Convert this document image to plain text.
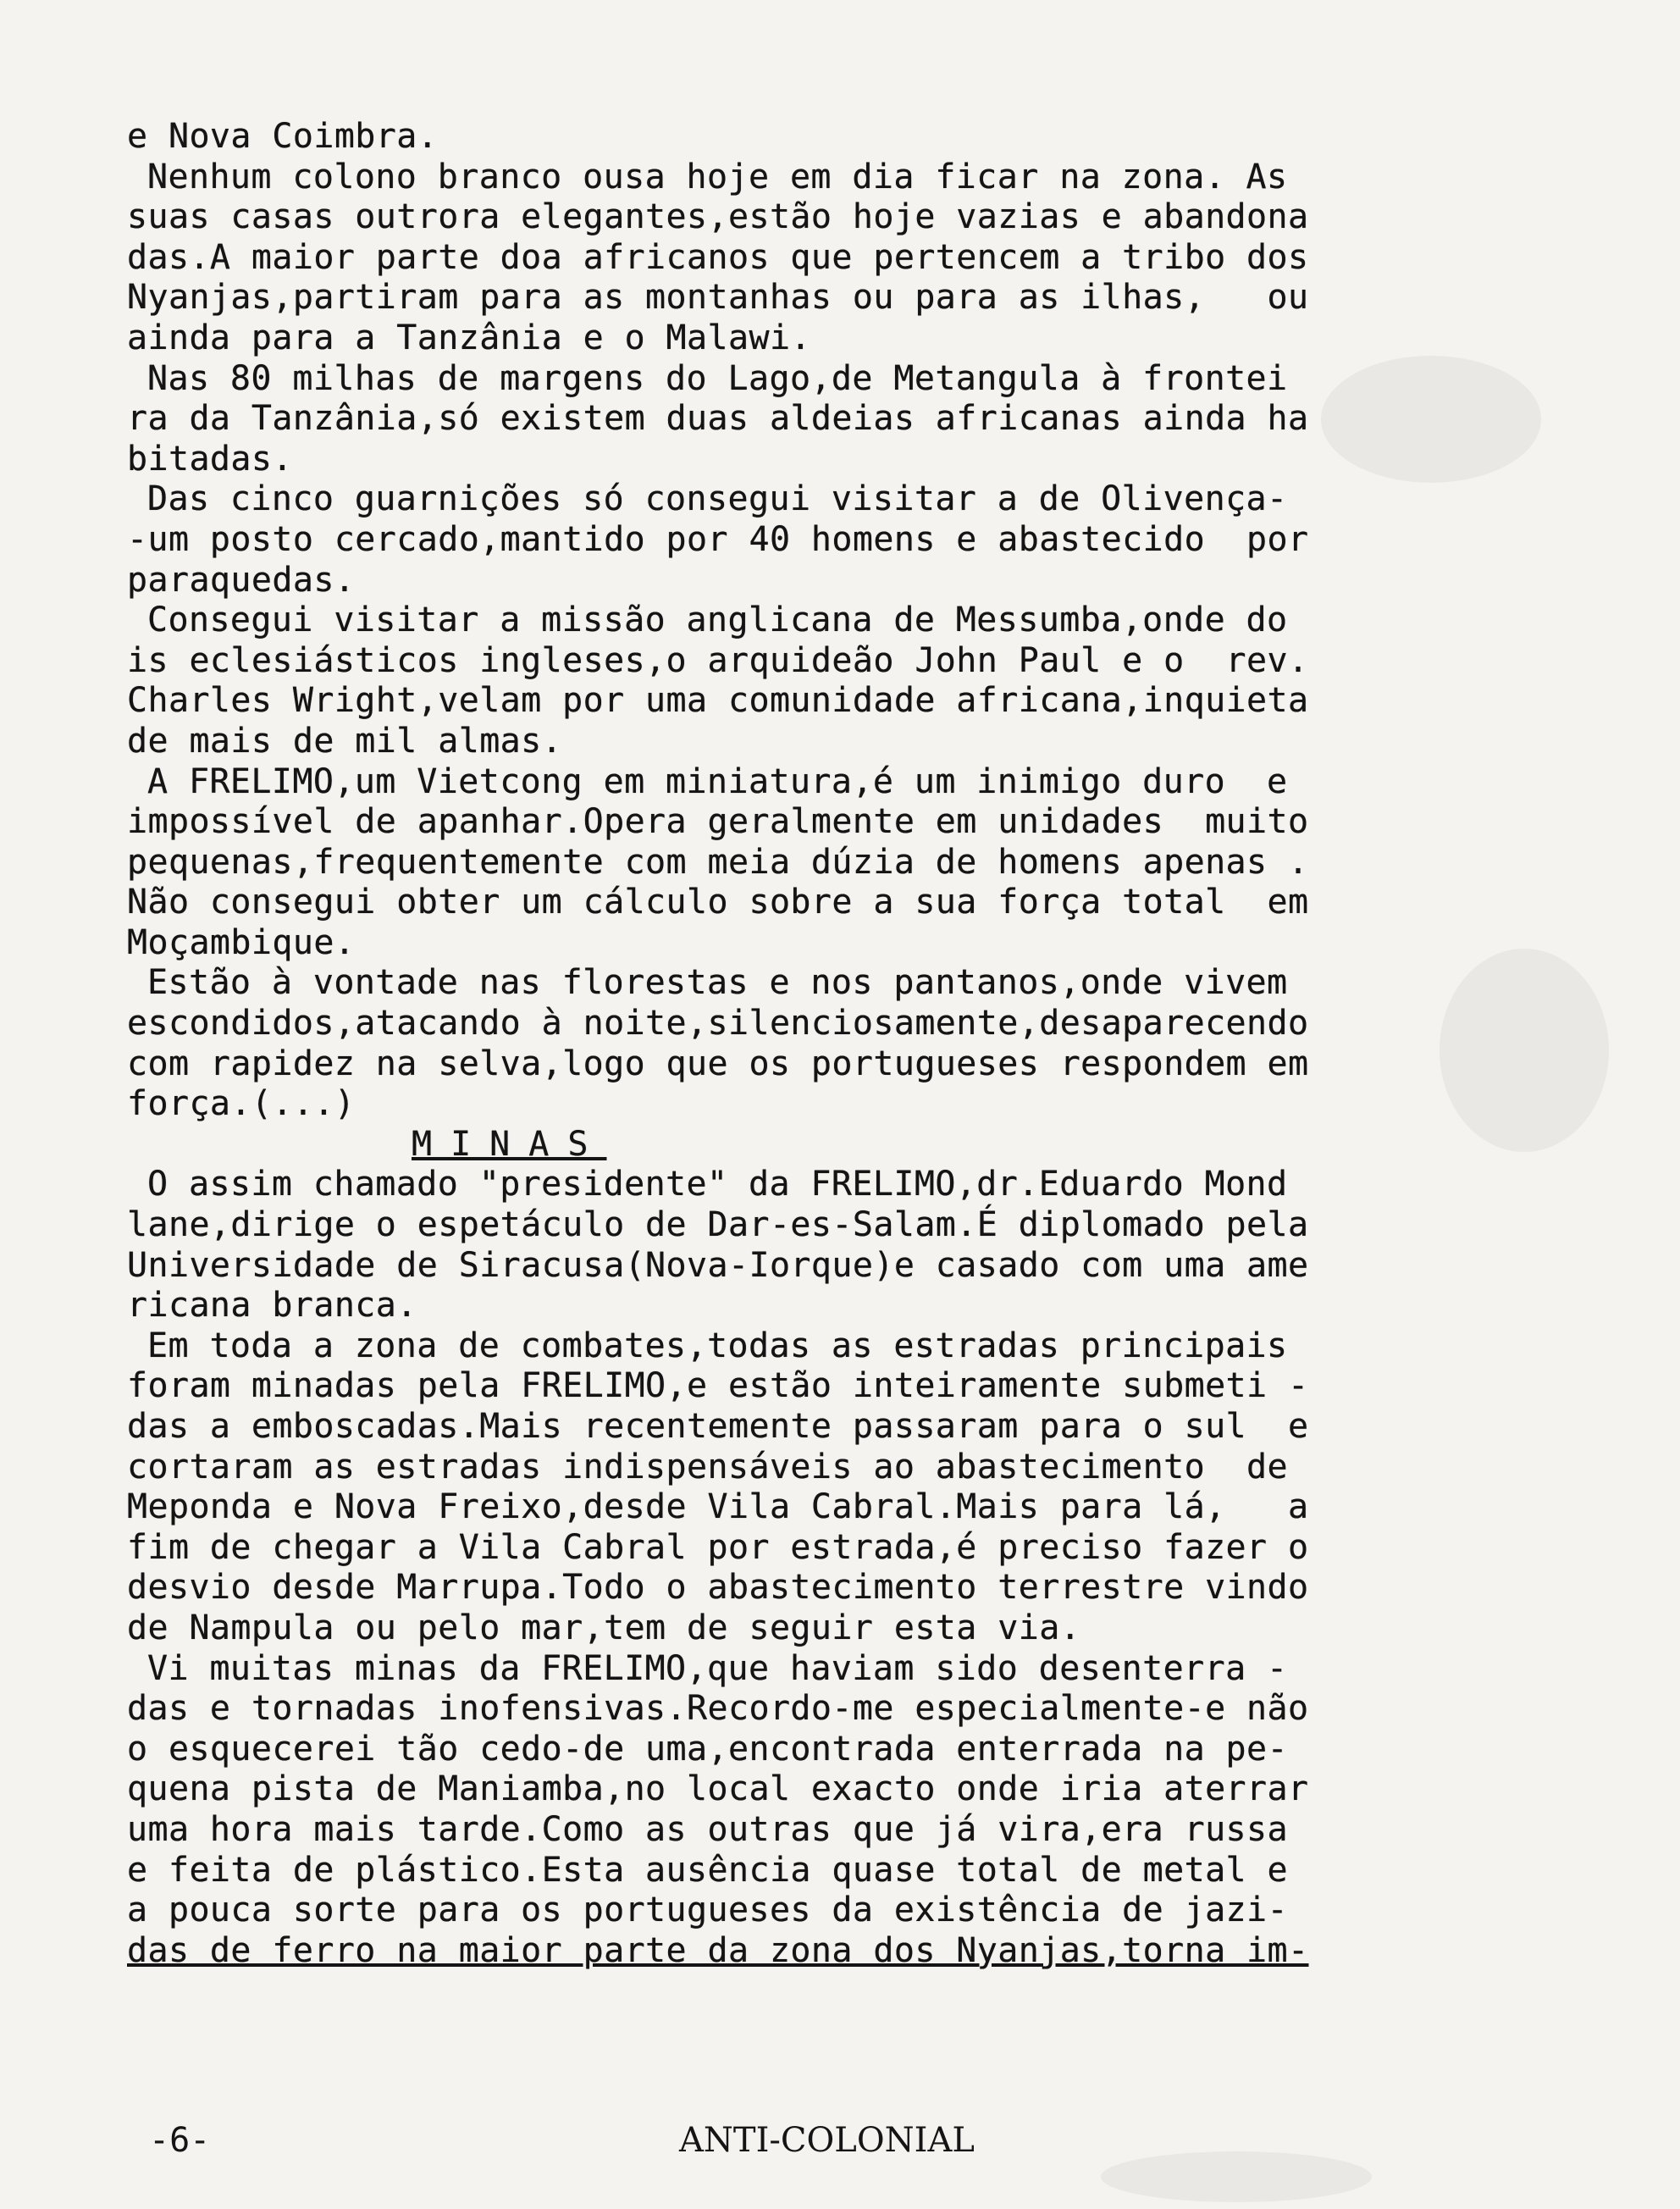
e Nova Coimbra.
Nenhum colono branco ousa hoje em dia ficar na zona. As
suas casas outrora elegantes,estão hoje vazias e abandona
das.A maior parte doa africanos que pertencem a tribo dos
Nyanjas,partiram para as montanhas ou para as ilhas,   ou
ainda para a Tanzânia e o Malawi.
Nas 80 milhas de margens do Lago,de Metangula à frontei
ra da Tanzânia,só existem duas aldeias africanas ainda ha
bitadas.
Das cinco guarnições só consegui visitar a de Olivença-
-um posto cercado,mantido por 40 homens e abastecido  por
paraquedas.
Consegui visitar a missão anglicana de Messumba,onde do
is eclesiásticos ingleses,o arquideão John Paul e o  rev.
Charles Wright,velam por uma comunidade africana,inquieta
de mais de mil almas.
A FRELIMO,um Vietcong em miniatura,é um inimigo duro  e
impossível de apanhar.Opera geralmente em unidades  muito
pequenas,frequentemente com meia dúzia de homens apenas .
Não consegui obter um cálculo sobre a sua força total  em
Moçambique.
Estão à vontade nas florestas e nos pantanos,onde vivem
escondidos,atacando à noite,silenciosamente,desaparecendo
com rapidez na selva,logo que os portugueses respondem em
força.(...)
MINAS
O assim chamado "presidente" da FRELIMO,dr.Eduardo Mond
lane,dirige o espetáculo de Dar-es-Salam.É diplomado pela
Universidade de Siracusa(Nova-Iorque)e casado com uma ame
ricana branca.
Em toda a zona de combates,todas as estradas principais
foram minadas pela FRELIMO,e estão inteiramente submeti -
das a emboscadas.Mais recentemente passaram para o sul  e
cortaram as estradas indispensáveis ao abastecimento  de
Meponda e Nova Freixo,desde Vila Cabral.Mais para lá,   a
fim de chegar a Vila Cabral por estrada,é preciso fazer o
desvio desde Marrupa.Todo o abastecimento terrestre vindo
de Nampula ou pelo mar,tem de seguir esta via.
Vi muitas minas da FRELIMO,que haviam sido desenterra -
das e tornadas inofensivas.Recordo-me especialmente-e não
o esquecerei tão cedo-de uma,encontrada enterrada na pe-
quena pista de Maniamba,no local exacto onde iria aterrar
uma hora mais tarde.Como as outras que já vira,era russa
e feita de plástico.Esta ausência quase total de metal e
a pouca sorte para os portugueses da existência de jazi-
das de ferro na maior parte da zona dos Nyanjas,torna im-
-6-	ANTI-COLONIAL
